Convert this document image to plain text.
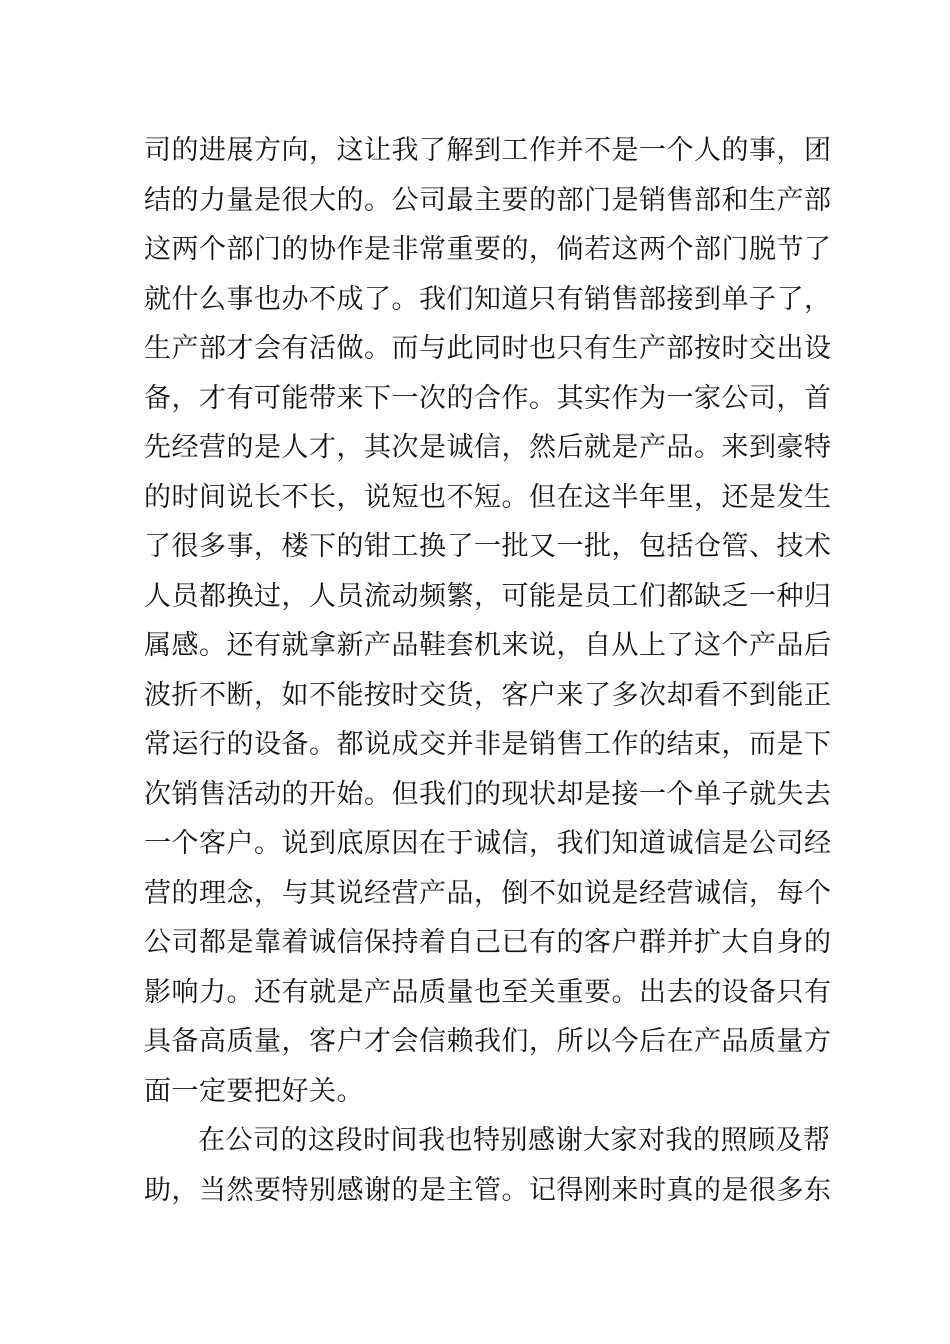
司的进展方向，这让我了解到工作并不是一个人的事，团
结的力量是很大的。公司最主要的部门是销售部和生产部
这两个部门的协作是非常重要的，倘若这两个部门脱节了
就什么事也办不成了。我们知道只有销售部接到单子了，
生产部才会有活做。而与此同时也只有生产部按时交出设
备，才有可能带来下一次的合作。其实作为一家公司，首
先经营的是人才，其次是诚信，然后就是产品。来到豪特
的时间说长不长，说短也不短。但在这半年里，还是发生
了很多事，楼下的钳工换了一批又一批，包括仓管、技术
人员都换过，人员流动频繁，可能是员工们都缺乏一种归
属感。还有就拿新产品鞋套机来说，自从上了这个产品后
波折不断，如不能按时交货，客户来了多次却看不到能正
常运行的设备。都说成交并非是销售工作的结束，而是下
次销售活动的开始。但我们的现状却是接一个单子就失去
一个客户。说到底原因在于诚信，我们知道诚信是公司经
营的理念，与其说经营产品，倒不如说是经营诚信，每个
公司都是靠着诚信保持着自己已有的客户群并扩大自身的
影响力。还有就是产品质量也至关重要。出去的设备只有
具备高质量，客户才会信赖我们，所以今后在产品质量方
面一定要把好关。
在公司的这段时间我也特别感谢大家对我的照顾及帮
助，当然要特别感谢的是主管。记得刚来时真的是很多东
